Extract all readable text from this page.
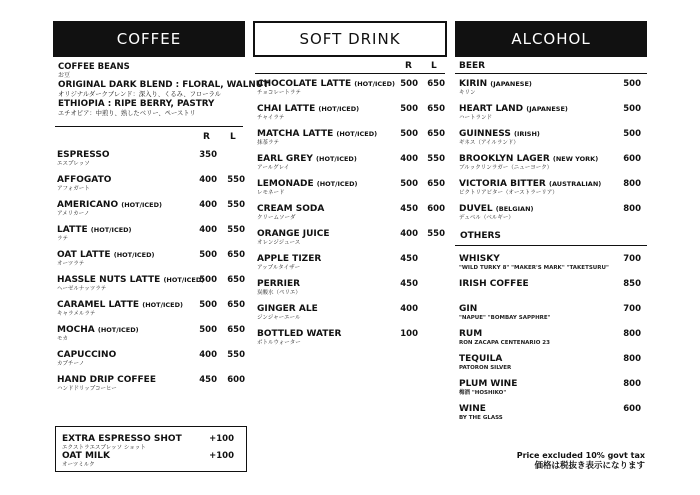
COFFEE
COFFEE BEANS
お豆
ORIGINAL DARK BLEND : FLORAL, WALNUT
オリジナルダークブレンド：深入り、くるみ、フローラル
ETHIOPIA : RIPE BERRY, PASTRY
エチオピア：中煎り、熟したベリー、ペーストリ
R L
ESPRESSO
エスプレッソ
350
AFFOGATO
アフォガート
400 550
AMERICANO (HOT/ICED)
アメリカーノ
400 550
LATTE (HOT/ICED)
ラテ
400 550
OAT LATTE (HOT/ICED)
オーツラテ
500 650
HASSLE NUTS LATTE (HOT/ICED)
ヘーゼルナッツラテ
500 650
CARAMEL LATTE (HOT/ICED)
キャラメルラテ
500 650
MOCHA (HOT/ICED)
モカ
500 650
CAPUCCINO
カプチーノ
400 550
HAND DRIP COFFEE
ハンドドリップコーヒー
450 600
SOFT DRINK
R L
CHOCOLATE LATTE (HOT/ICED)
チョコレートラテ
500 650
CHAI LATTE (HOT/ICED)
チャイラテ
500 650
MATCHA LATTE (HOT/ICED)
抹茶ラテ
500 650
EARL GREY (HOT/ICED)
アールグレイ
400 550
LEMONADE (HOT/ICED)
レモネード
500 650
CREAM SODA
クリームソーダ
450 600
ORANGE JUICE
オレンジジュース
400 550
APPLE TIZER
アップルタイザー
450
PERRIER
炭酸水（ペリエ）
450
GINGER ALE
ジンジャーエール
400
BOTTLED WATER
ボトルウォーター
100
ALCOHOL
BEER
KIRIN (JAPANESE)
キリン
500
HEART LAND (JAPANESE)
ハートランド
500
GUINNESS (IRISH)
ギネス（アイルランド）
500
BROOKLYN LAGER (NEW YORK)
ブルックリンラガー（ニューヨーク）
600
VICTORIA BITTER (AUSTRALIAN)
ビクトリアビター（オーストラーリア）
800
DUVEL (BELGIAN)
デュベル（ベルギー）
800
OTHERS
WHISKY
"WILD TURKY 8" "MAKER'S MARK" "TAKETSURU"
700
IRISH COFFEE	850
GIN
"NAPUE" "BOMBAY SAPPHRE"
700
RUM
RON ZACAPA CENTENARIO 23
800
TEQUILA
PATORON SILVER
800
PLUM WINE
梅酒 "HOSHIKO"
800
WINE
BY THE GLASS
600
EXTRA ESPRESSO SHOT
エクストラエスプレッソ ショット
+100
OAT MILK
オーツミルク
+100	Price excluded 10% govt tax
価格は税抜き表示になります
